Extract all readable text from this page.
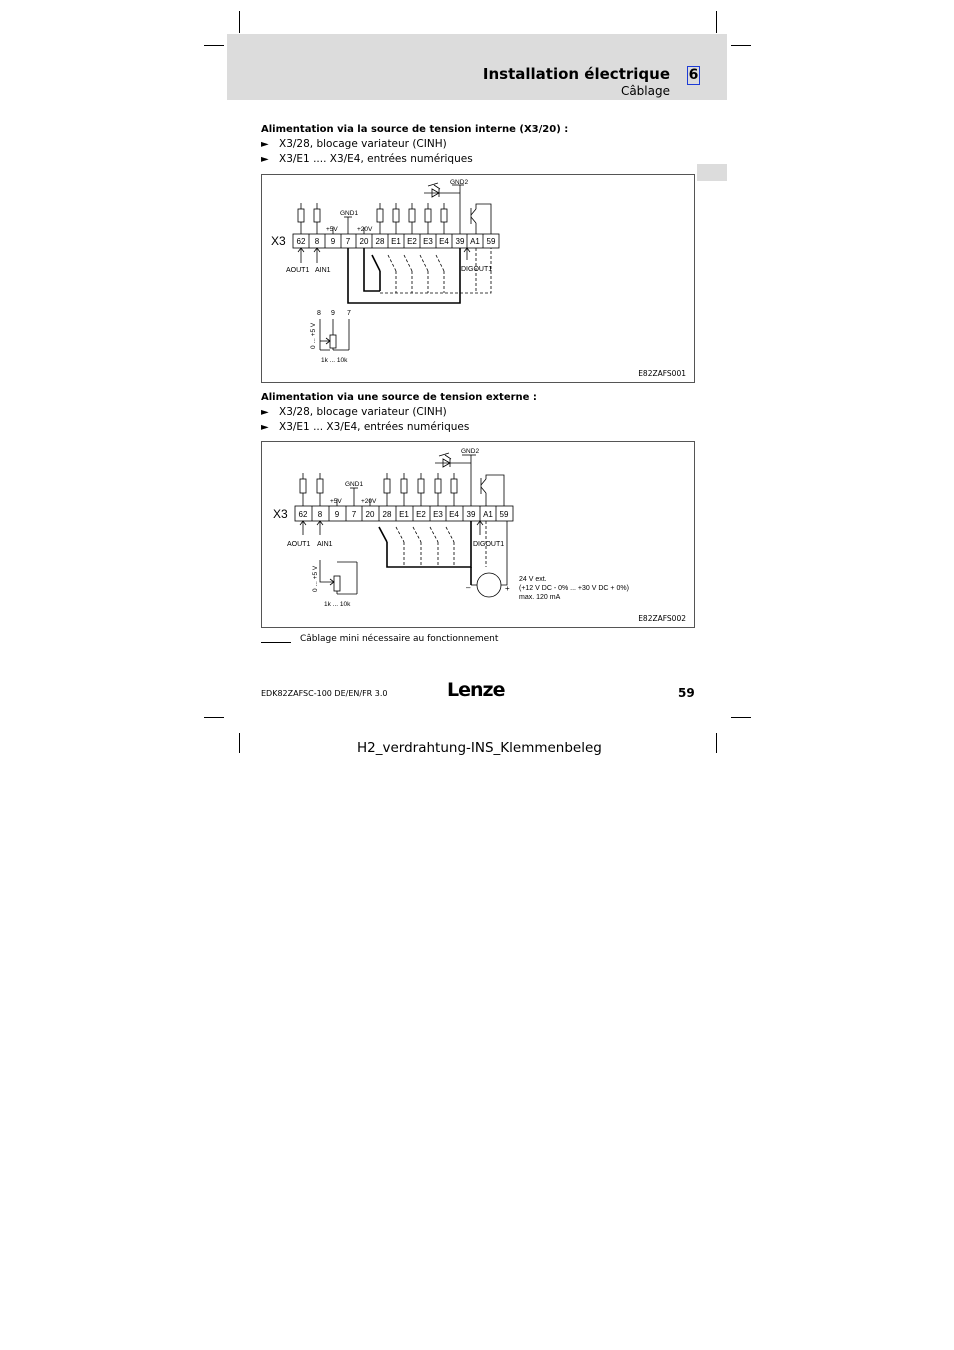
Installation électrique
Câblage
6
Alimentation via la source de tension interne (X3/20) :
► X3/28, blocage variateur (CINH)
► X3/E1 .... X3/E4, entrées numériques
X3 62 8 9 7 20 28 E1 E2 E3 E4 39 A1 59
+5V
GND1
+20V
GND2
AOUT1 AIN1	DIGOUT1
8 9 7
1k ... 10k
0 ... +5 V
E82ZAFS001
Alimentation via une source de tension externe :
► X3/28, blocage variateur (CINH)
► X3/E1 ... X3/E4, entrées numériques
X3 62 8 9 7 20 28 E1 E2 E3 E4 39 A1 59
+5V
GND1
+20V
GND2
AOUT1 AIN1	DIGOUT1
1k ... 10k
0 ... +5 V	–	+
24 V ext.
(+12 V DC - 0% ... +30 V DC + 0%)
max. 120 mA
E82ZAFS002
Câblage mini nécessaire au fonctionnement
EDK82ZAFSC-100 DE/EN/FR 3.0	Lenze	59
H2_verdrahtung-INS_Klemmenbeleg
